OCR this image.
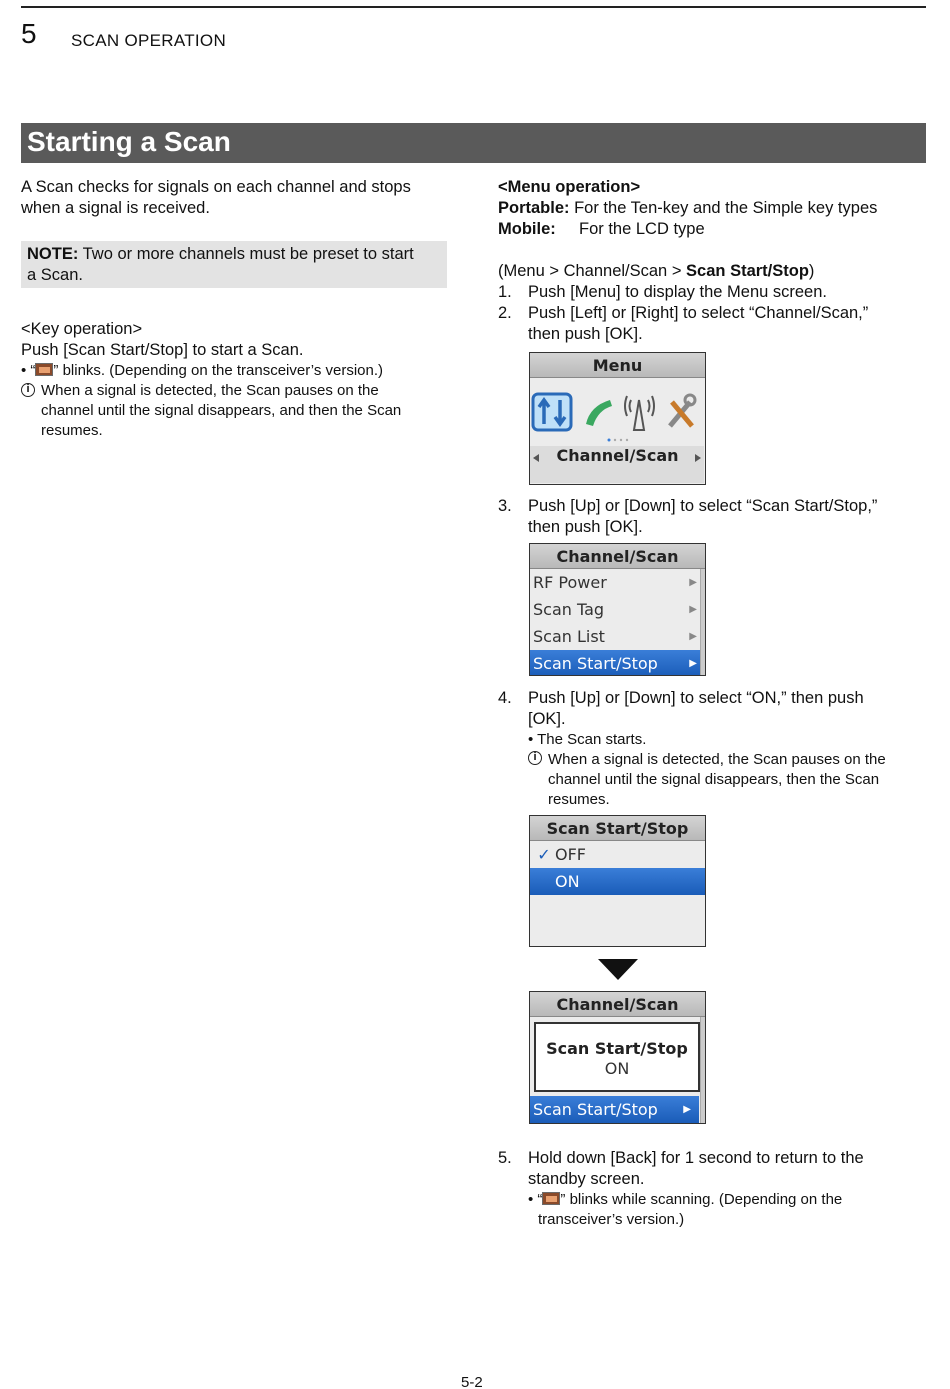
5 SCAN OPERATION
Starting a Scan
A Scan checks for signals on each channel and stops
when a signal is received.
NOTE: Two or more channels must be preset to start
a Scan.
<Key operation>
Push [Scan Start/Stop] to start a Scan.
• “ ” blinks. (Depending on the transceiver’s version.)
i When a signal is detected, the Scan pauses on the
channel until the signal disappears, and then the Scan
resumes.
<Menu operation>
Portable: For the Ten-key and the Simple key types
Mobile: For the LCD type
(Menu > Channel/Scan > Scan Start/Stop)
1. Push [Menu] to display the Menu screen.
2. Push [Left] or [Right] to select “Channel/Scan,”
then push [OK].
Menu
Channel/Scan
3. Push [Up] or [Down] to select “Scan Start/Stop,”
then push [OK].
Channel/Scan
RF Power	▶
Scan Tag	▶
Scan List	▶
Scan Start/Stop	▶
4. Push [Up] or [Down] to select “ON,” then push
[OK].
• The Scan starts.
i When a signal is detected, the Scan pauses on the
channel until the signal disappears, then the Scan
resumes.
Scan Start/Stop
✓ OFF
ON
Channel/Scan
Scan Start/Stop
ON
Scan Start/Stop	▶
5. Hold down [Back] for 1 second to return to the
standby screen.
• “ ” blinks while scanning. (Depending on the
transceiver’s version.)
5-2
